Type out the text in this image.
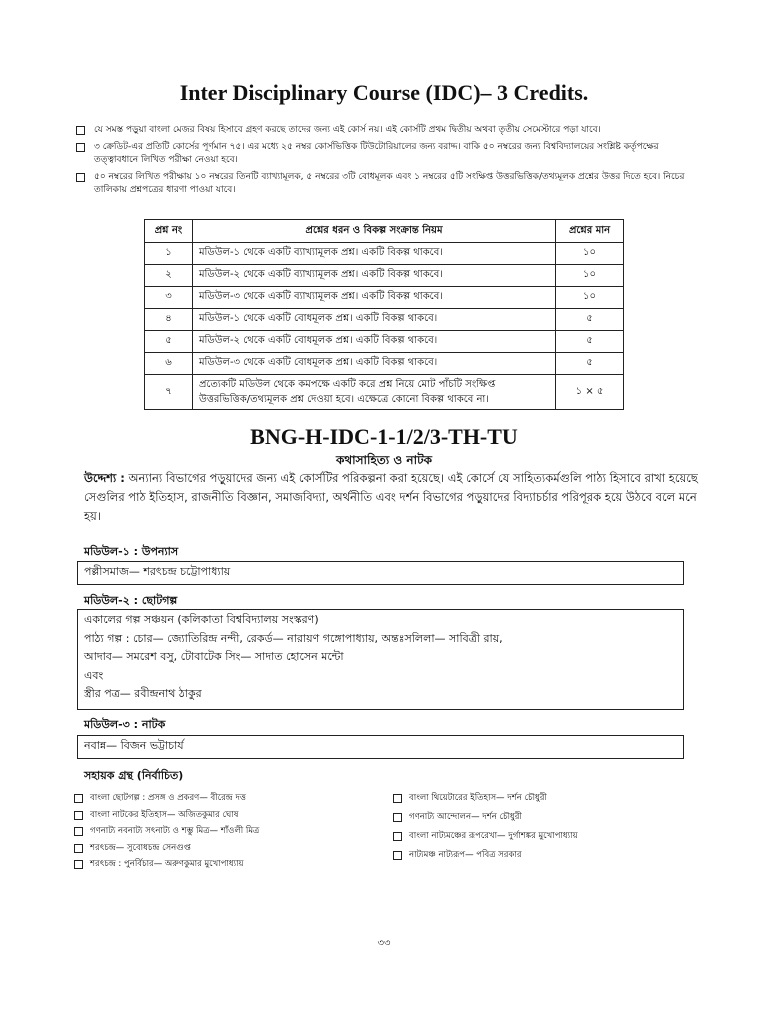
Inter Disciplinary Course (IDC)– 3 Credits.
যে সমস্ত পড়ুয়া বাংলা মেজর বিষয় হিসাবে গ্রহণ করছে তাদের জন্য এই কোর্স নয়। এই কোর্সটি প্রথম দ্বিতীয় অথবা তৃতীয় সেমেস্টারে পড়া যাবে।
৩ ক্রেডিট-এর প্রতিটি কোর্সের পূর্ণমান ৭৫। এর মধ্যে ২৫ নম্বর কোর্সভিত্তিক টিউটোরিয়ালের জন্য বরাদ্দ। বাকি ৫০ নম্বরের জন্য বিশ্ববিদ্যালয়ের সংশ্লিষ্ট কর্তৃপক্ষের তত্ত্বাবধানে লিখিত পরীক্ষা নেওয়া হবে।
৫০ নম্বরের লিখিত পরীক্ষায় ১০ নম্বরের তিনটি ব্যাখ্যামূলক, ৫ নম্বরের ৩টি বোধমূলক এবং ১ নম্বরের ৫টি সংক্ষিপ্ত উত্তরভিত্তিক/তথ্যমূলক প্রশ্নের উত্তর দিতে হবে। নিচের তালিকায় প্রশ্নপত্রের ধারণা পাওয়া যাবে।
প্রশ্ন নং	প্রশ্নের ধরন ও বিকল্প সংক্রান্ত নিয়ম	প্রশ্নের মান
১	মডিউল-১ থেকে একটি ব্যাখ্যামূলক প্রশ্ন। একটি বিকল্প থাকবে।	১০
২	মডিউল-২ থেকে একটি ব্যাখ্যামূলক প্রশ্ন। একটি বিকল্প থাকবে।	১০
৩	মডিউল-৩ থেকে একটি ব্যাখ্যামূলক প্রশ্ন। একটি বিকল্প থাকবে।	১০
৪	মডিউল-১ থেকে একটি বোধমূলক প্রশ্ন। একটি বিকল্প থাকবে।	৫
৫	মডিউল-২ থেকে একটি বোধমূলক প্রশ্ন। একটি বিকল্প থাকবে।	৫
৬	মডিউল-৩ থেকে একটি বোধমূলক প্রশ্ন। একটি বিকল্প থাকবে।	৫
৭	প্রত্যেকটি মডিউল থেকে কমপক্ষে একটি করে প্রশ্ন নিয়ে মোট পাঁচটি সংক্ষিপ্ত উত্তরভিত্তিক/তথ্যমূলক প্রশ্ন দেওয়া হবে। এক্ষেত্রে কোনো বিকল্প থাকবে না।	১ × ৫
BNG-H-IDC-1-1/2/3-TH-TU
কথাসাহিত্য ও নাটক
উদ্দেশ্য : অন্যান্য বিভাগের পড়ুয়াদের জন্য এই কোর্সটির পরিকল্পনা করা হয়েছে। এই কোর্সে যে সাহিত্যকর্মগুলি পাঠ্য হিসাবে রাখা হয়েছে সেগুলির পাঠ ইতিহাস, রাজনীতি বিজ্ঞান, সমাজবিদ্যা, অর্থনীতি এবং দর্শন বিভাগের পড়ুয়াদের বিদ্যাচর্চার পরিপূরক হয়ে উঠবে বলে মনে হয়।
মডিউল-১ : উপন্যাস
পল্লীসমাজ— শরৎচন্দ্র চট্টোপাধ্যায়
মডিউল-২ : ছোটগল্প
একালের গল্প সঞ্চয়ন (কলিকাতা বিশ্ববিদ্যালয় সংস্করণ)
পাঠ্য গল্প : চোর— জ্যোতিরিন্দ্র নন্দী, রেকর্ড— নারায়ণ গঙ্গোপাধ্যায়, অন্তঃসলিলা— সাবিত্রী রায়,
আদাব— সমরেশ বসু, টোবাটেক সিং— সাদাত হোসেন মন্টো
এবং
স্ত্রীর পত্র— রবীন্দ্রনাথ ঠাকুর
মডিউল-৩ : নাটক
নবান্ন— বিজন ভট্টাচার্য
সহায়ক গ্রন্থ (নির্বাচিত)
বাংলা ছোটগল্প : প্রসঙ্গ ও প্রকরণ— বীরেন্দ্র দত্ত
বাংলা নাটকের ইতিহাস— অজিতকুমার ঘোষ
গণনাট্য নবনাট্য সৎনাট্য ও শম্ভু মিত্র— শাঁওলী মিত্র
শরৎচন্দ্র— সুবোধচন্দ্র সেনগুপ্ত
শরৎচন্দ্র : পুনর্বিচার— অরুণকুমার মুখোপাধ্যায়
বাংলা থিয়েটারের ইতিহাস— দর্শন চৌধুরী
গণনাট্য আন্দোলন— দর্শন চৌধুরী
বাংলা নাট্যমঞ্চের রূপরেখা— দুর্গাশঙ্কর মুখোপাধ্যায়
নাট্যমঞ্চ নাট্যরূপ— পবিত্র সরকার
৩৩
